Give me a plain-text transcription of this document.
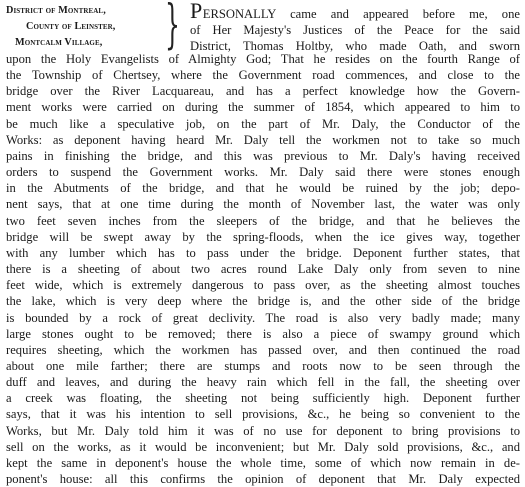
District of Montreal,
County of Leinster,
Montcalm Village,	} PERSONALLY came and appeared before me, one
of Her Majesty's Justices of the Peace for the said
District, Thomas Holtby, who made Oath, and sworn
upon the Holy Evangelists of Almighty God; That he resides on the fourth Range of
the Township of Chertsey, where the Government road commences, and close to the
bridge over the River Lacquareau, and has a perfect knowledge how the Govern-
ment works were carried on during the summer of 1854, which appeared to him to
be much like a speculative job, on the part of Mr. Daly, the Conductor of the
Works: as deponent having heard Mr. Daly tell the workmen not to take so much
pains in finishing the bridge, and this was previous to Mr. Daly's having received
orders to suspend the Government works. Mr. Daly said there were stones enough
in the Abutments of the bridge, and that he would be ruined by the job; depo-
nent says, that at one time during the month of November last, the water was only
two feet seven inches from the sleepers of the bridge, and that he believes the
bridge will be swept away by the spring-floods, when the ice gives way, together
with any lumber which has to pass under the bridge. Deponent further states, that
there is a sheeting of about two acres round Lake Daly only from seven to nine
feet wide, which is extremely dangerous to pass over, as the sheeting almost touches
the lake, which is very deep where the bridge is, and the other side of the bridge
is bounded by a rock of great declivity. The road is also very badly made; many
large stones ought to be removed; there is also a piece of swampy ground which
requires sheeting, which the workmen has passed over, and then continued the road
about one mile farther; there are stumps and roots now to be seen through the
duff and leaves, and during the heavy rain which fell in the fall, the sheeting over
a creek was floating, the sheeting not being sufficiently high. Deponent further
says, that it was his intention to sell provisions, &c., he being so convenient to the
Works, but Mr. Daly told him it was of no use for deponent to bring provisions to
sell on the works, as it would be inconvenient; but Mr. Daly sold provisions, &c., and
kept the same in deponent's house the whole time, some of which now remain in de-
ponent's house: all this confirms the opinion of deponent that Mr. Daly expected
